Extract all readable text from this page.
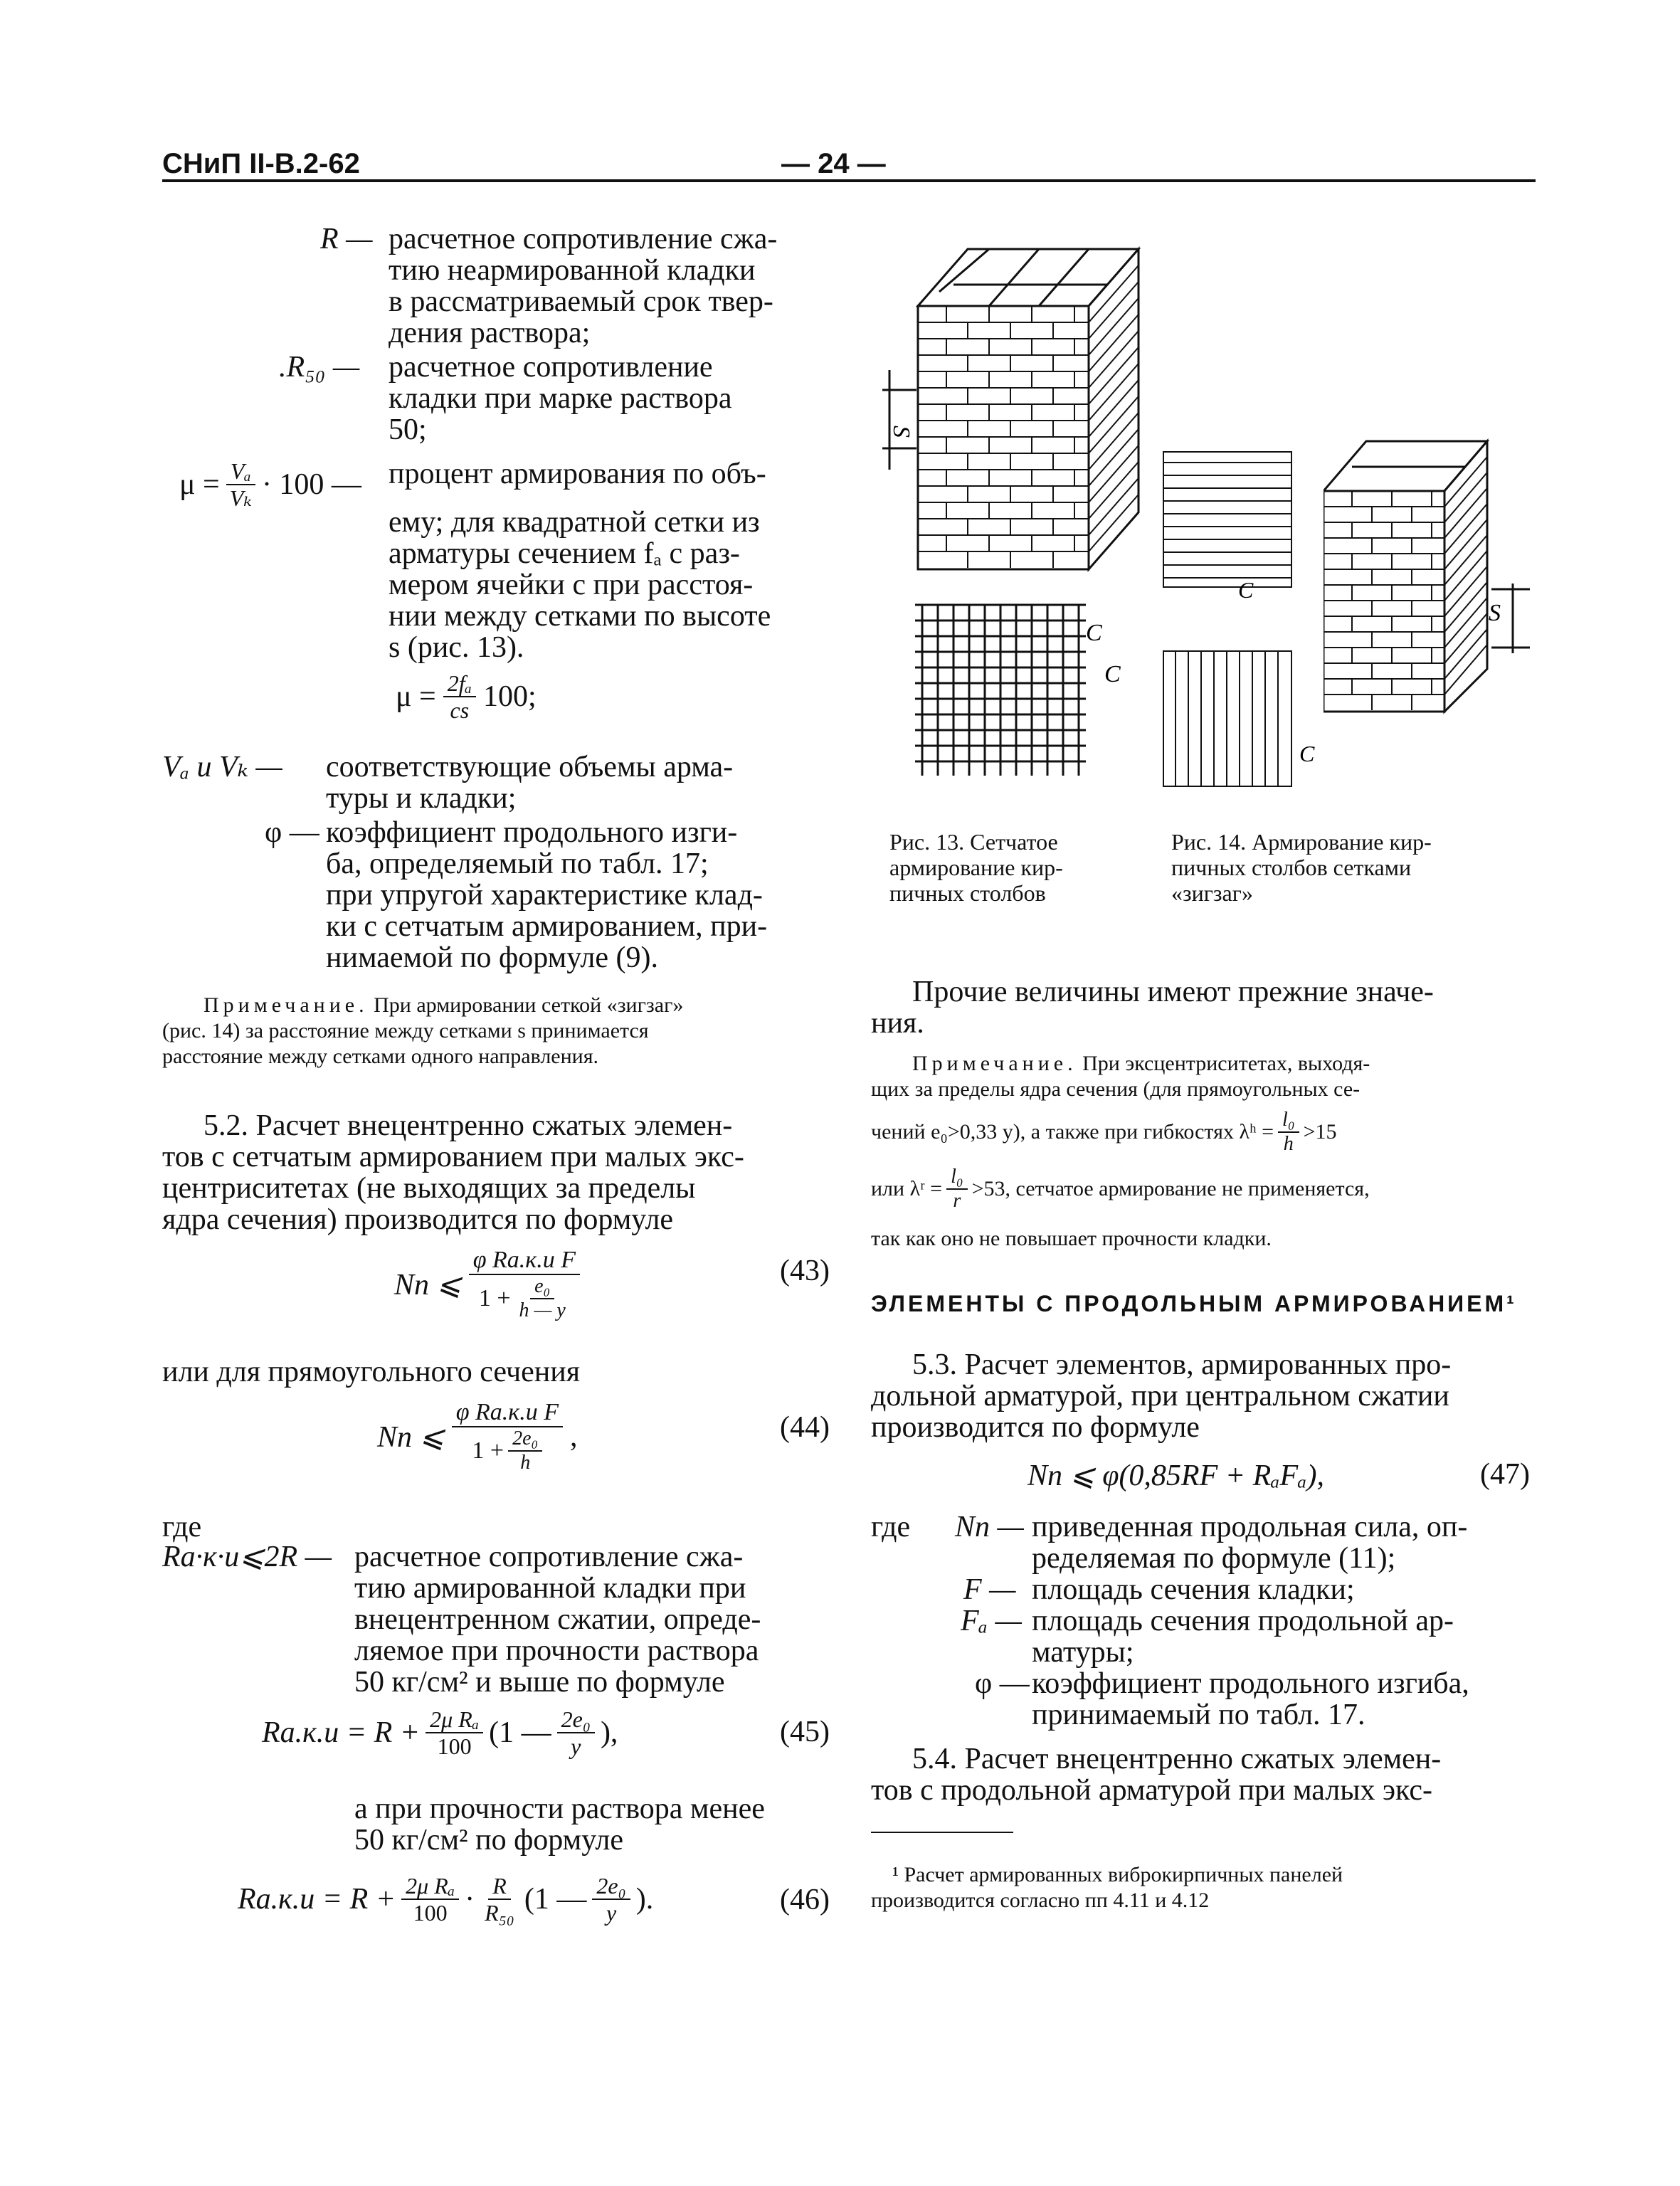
СНиП II-В.2-62	— 24 —
R — расчетное сопротивление сжа-
тию неармированной кладки
в рассматриваемый срок твер-
дения раствора;
.R₅₀ — расчетное сопротивление
кладки при марке раствора
50;
$\mu = \frac{\text{Vₐ}}{\text{Vₖ}} \cdot 100$ — процент армирования по объ-
ему; для квадратной сетки из
арматуры сечением fₐ с раз-
мером ячейки c при расстоя-
нии между сетками по высоте
s (рис. 13).
$\mu = \frac{\text{2fₐ}}{cs} 100$;
Vₐ и Vₖ — соответствующие объемы арма-
туры и кладки;
φ — коэффициент продольного изги-
ба, определяемый по табл. 17;
при упругой характеристике клад-
ки с сетчатым армированием, при-
нимаемой по формуле (9).
Примечание. При армировании сеткой «зигзаг»
(рис. 14) за расстояние между сетками s принимается
расстояние между сетками одного направления.
5.2. Расчет внецентренно сжатых элемен-
тов с сетчатым армированием при малых экс-
центриситетах (не выходящих за пределы
ядра сечения) производится по формуле
Nп ⩽ $\frac{\text{φ Rа.к.и F}}{1 + \frac{\text{e₀}}{h — y}}$	(43)
или для прямоугольного сечения
Nп ⩽ $\frac{\text{φ Rа.к.и F}}{1 + \frac{\text{2e₀}}{h}}$ ,	(44)
где
Rа·к·и⩽2R — расчетное сопротивление сжа-
тию армированной кладки при
внецентренном сжатии, опреде-
ляемое при прочности раствора
50 кг/см² и выше по формуле
$Rа.к.и = R + \frac{\text{2μ Rₐ}}{100} (1$ — $\frac{\text{2e₀}}{y}$ ),	(45)
а при прочности раствора менее
50 кг/см² по формуле
$Rа.к.и = R + \frac{\text{2μ Rₐ}}{100} \cdot \frac{R}{\text{R₅₀}} (1$ — $\frac{\text{2e₀}}{y}$ ).	(46)
S
C
C
C
C
S
Рис. 13. Сетчатое
армирование кир-
пичных столбов
Рис. 14. Армирование кир-
пичных столбов сетками
«зигзаг»
Прочие величины имеют прежние значе-
ния.
Примечание. При эксцентриситетах, выходя-
щих за пределы ядра сечения (для прямоугольных се-
чений e₀>0,33 y), а также при гибкостях λʰ = $\frac{\text{l₀}}{h} >15$
или λʳ = $\frac{\text{l₀}}{r} >53$, сетчатое армирование не применяется,
так как оно не повышает прочности кладки.
ЭЛЕМЕНТЫ С ПРОДОЛЬНЫМ АРМИРОВАНИЕМ¹
5.3. Расчет элементов, армированных про-
дольной арматурой, при центральном сжатии
производится по формуле
Nп ⩽ φ(0,85RF + RₐFₐ),	(47)
где Nп — приведенная продольная сила, оп-
ределяемая по формуле (11);
F — площадь сечения кладки;
Fₐ — площадь сечения продольной ар-
матуры;
φ — коэффициент продольного изгиба,
принимаемый по табл. 17.
5.4. Расчет внецентренно сжатых элемен-
тов с продольной арматурой при малых экс-
¹ Расчет армированных виброкирпичных панелей
производится согласно пп 4.11 и 4.12
